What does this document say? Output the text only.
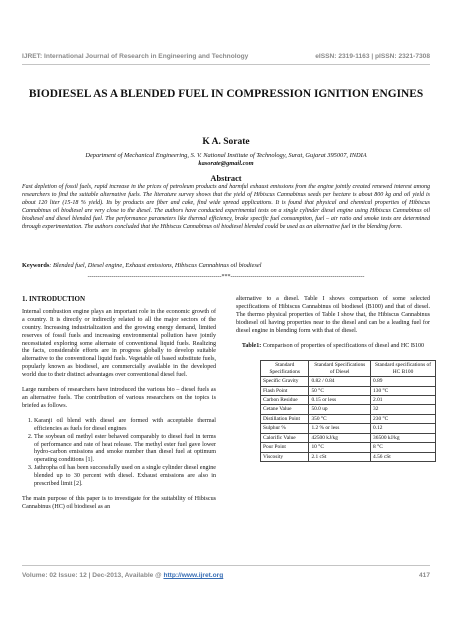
IJRET: International Journal of Research in Engineering and Technology	eISSN: 2319-1163 | pISSN: 2321-7308
BIODIESEL AS A BLENDED FUEL IN COMPRESSION IGNITION ENGINES
K A. Sorate
Department of Mechanical Engineering, S. V. National Institute of Technology, Surat, Gujarat 395007, INDIA
kasorate@gmail.com
Abstract
Fast depletion of fossil fuels, rapid increase in the prices of petroleum products and harmful exhaust emissions from the engine jointly created renewed interest among researchers to find the suitable alternative fuels. The literature survey shows that the yield of Hibiscus Cannabinus seeds per hectare is about 800 kg and oil yield is about 120 liter (15-18 % yield). Its by products are fiber and cake, find wide spread applications. It is found that physical and chemical properties of Hibiscus Cannabinus oil biodiesel are very close to the diesel. The authors have conducted experimental tests on a single cylinder diesel engine using Hibiscus Cannabinus oil biodiesel and diesel blended fuel. The performance parameters like thermal efficiency, brake specific fuel consumption, fuel – air ratio and smoke tests are determined through experimentation. The authors concluded that the Hibiscus Cannabinus oil biodiesel blended could be used as an alternative fuel in the blending form.
Keywords: Blended fuel, Diesel engine, Exhaust emissions, Hibiscus Cannabinus oil biodiesel
-------------------------------------------------------------------***-------------------------------------------------------------------
1. INTRODUCTION

Internal combustion engine plays an important role in the economic growth of a country. It is directly or indirectly related to all the major sectors of the country. Increasing industrialization and the growing energy demand, limited reserves of fossil fuels and increasing environmental pollution have jointly necessitated exploring some alternate of conventional liquid fuels. Realizing the facts, considerable efforts are in progress globally to develop suitable alternative to the conventional liquid fuels. Vegetable oil based substitute fuels, popularly known as biodiesel, are commercially available in the developed world due to their distinct advantages over conventional diesel fuel.

Large numbers of researchers have introduced the various bio – diesel fuels as an alternative fuels. The contribution of various researchers on the topics is briefed as follows.

1. Karanji oil blend with diesel are formed with acceptable thermal efficiencies as fuels for diesel engines
2. The soybean oil methyl ester behaved comparably to diesel fuel in terms of performance and rate of heat release. The methyl ester fuel gave lower hydro-carbon emissions and smoke number than diesel fuel at optimum operating conditions [1].
3. Jathropha oil has been successfully used on a single cylinder diesel engine blended up to 30 percent with diesel. Exhaust emissions are also in prescribed limit [2].

The main purpose of this paper is to investigate for the suitability of Hibiscus Cannabinus (HC) oil biodiesel as an

alternative to a diesel. Table I shows comparison of some selected specifications of Hibiscus Cannabinus oil biodiesel (B100) and that of diesel. The thermo physical properties of Table I show that, the Hibiscus Cannabinus biodiesel oil having properties near to the diesel and can be a leading fuel for diesel engine in blending form with that of diesel.

Table1: Comparison of properties of specifications of diesel and HC B100
Standard Specifications	Standard Specifications of Diesel	Standard specifications of HC B100
Specific Gravity	0.82 / 0.84	0.89
Flash Point	50 °C	130 °C
Carbon Residue	0.15 or less	2.01
Cetane Value	50.0 up	32
Distillation Point	350 °C	230 °C
Sulphur %	1.2 % or less	0.12
Calorific Value	42500 kJ/kg	36500 kJ/kg
Pour Point	10 °C	8 °C
Viscosity	2.1 cSt	4.56 cSt
Volume: 02 Issue: 12 | Dec-2013, Available @ http://www.ijret.org	417
